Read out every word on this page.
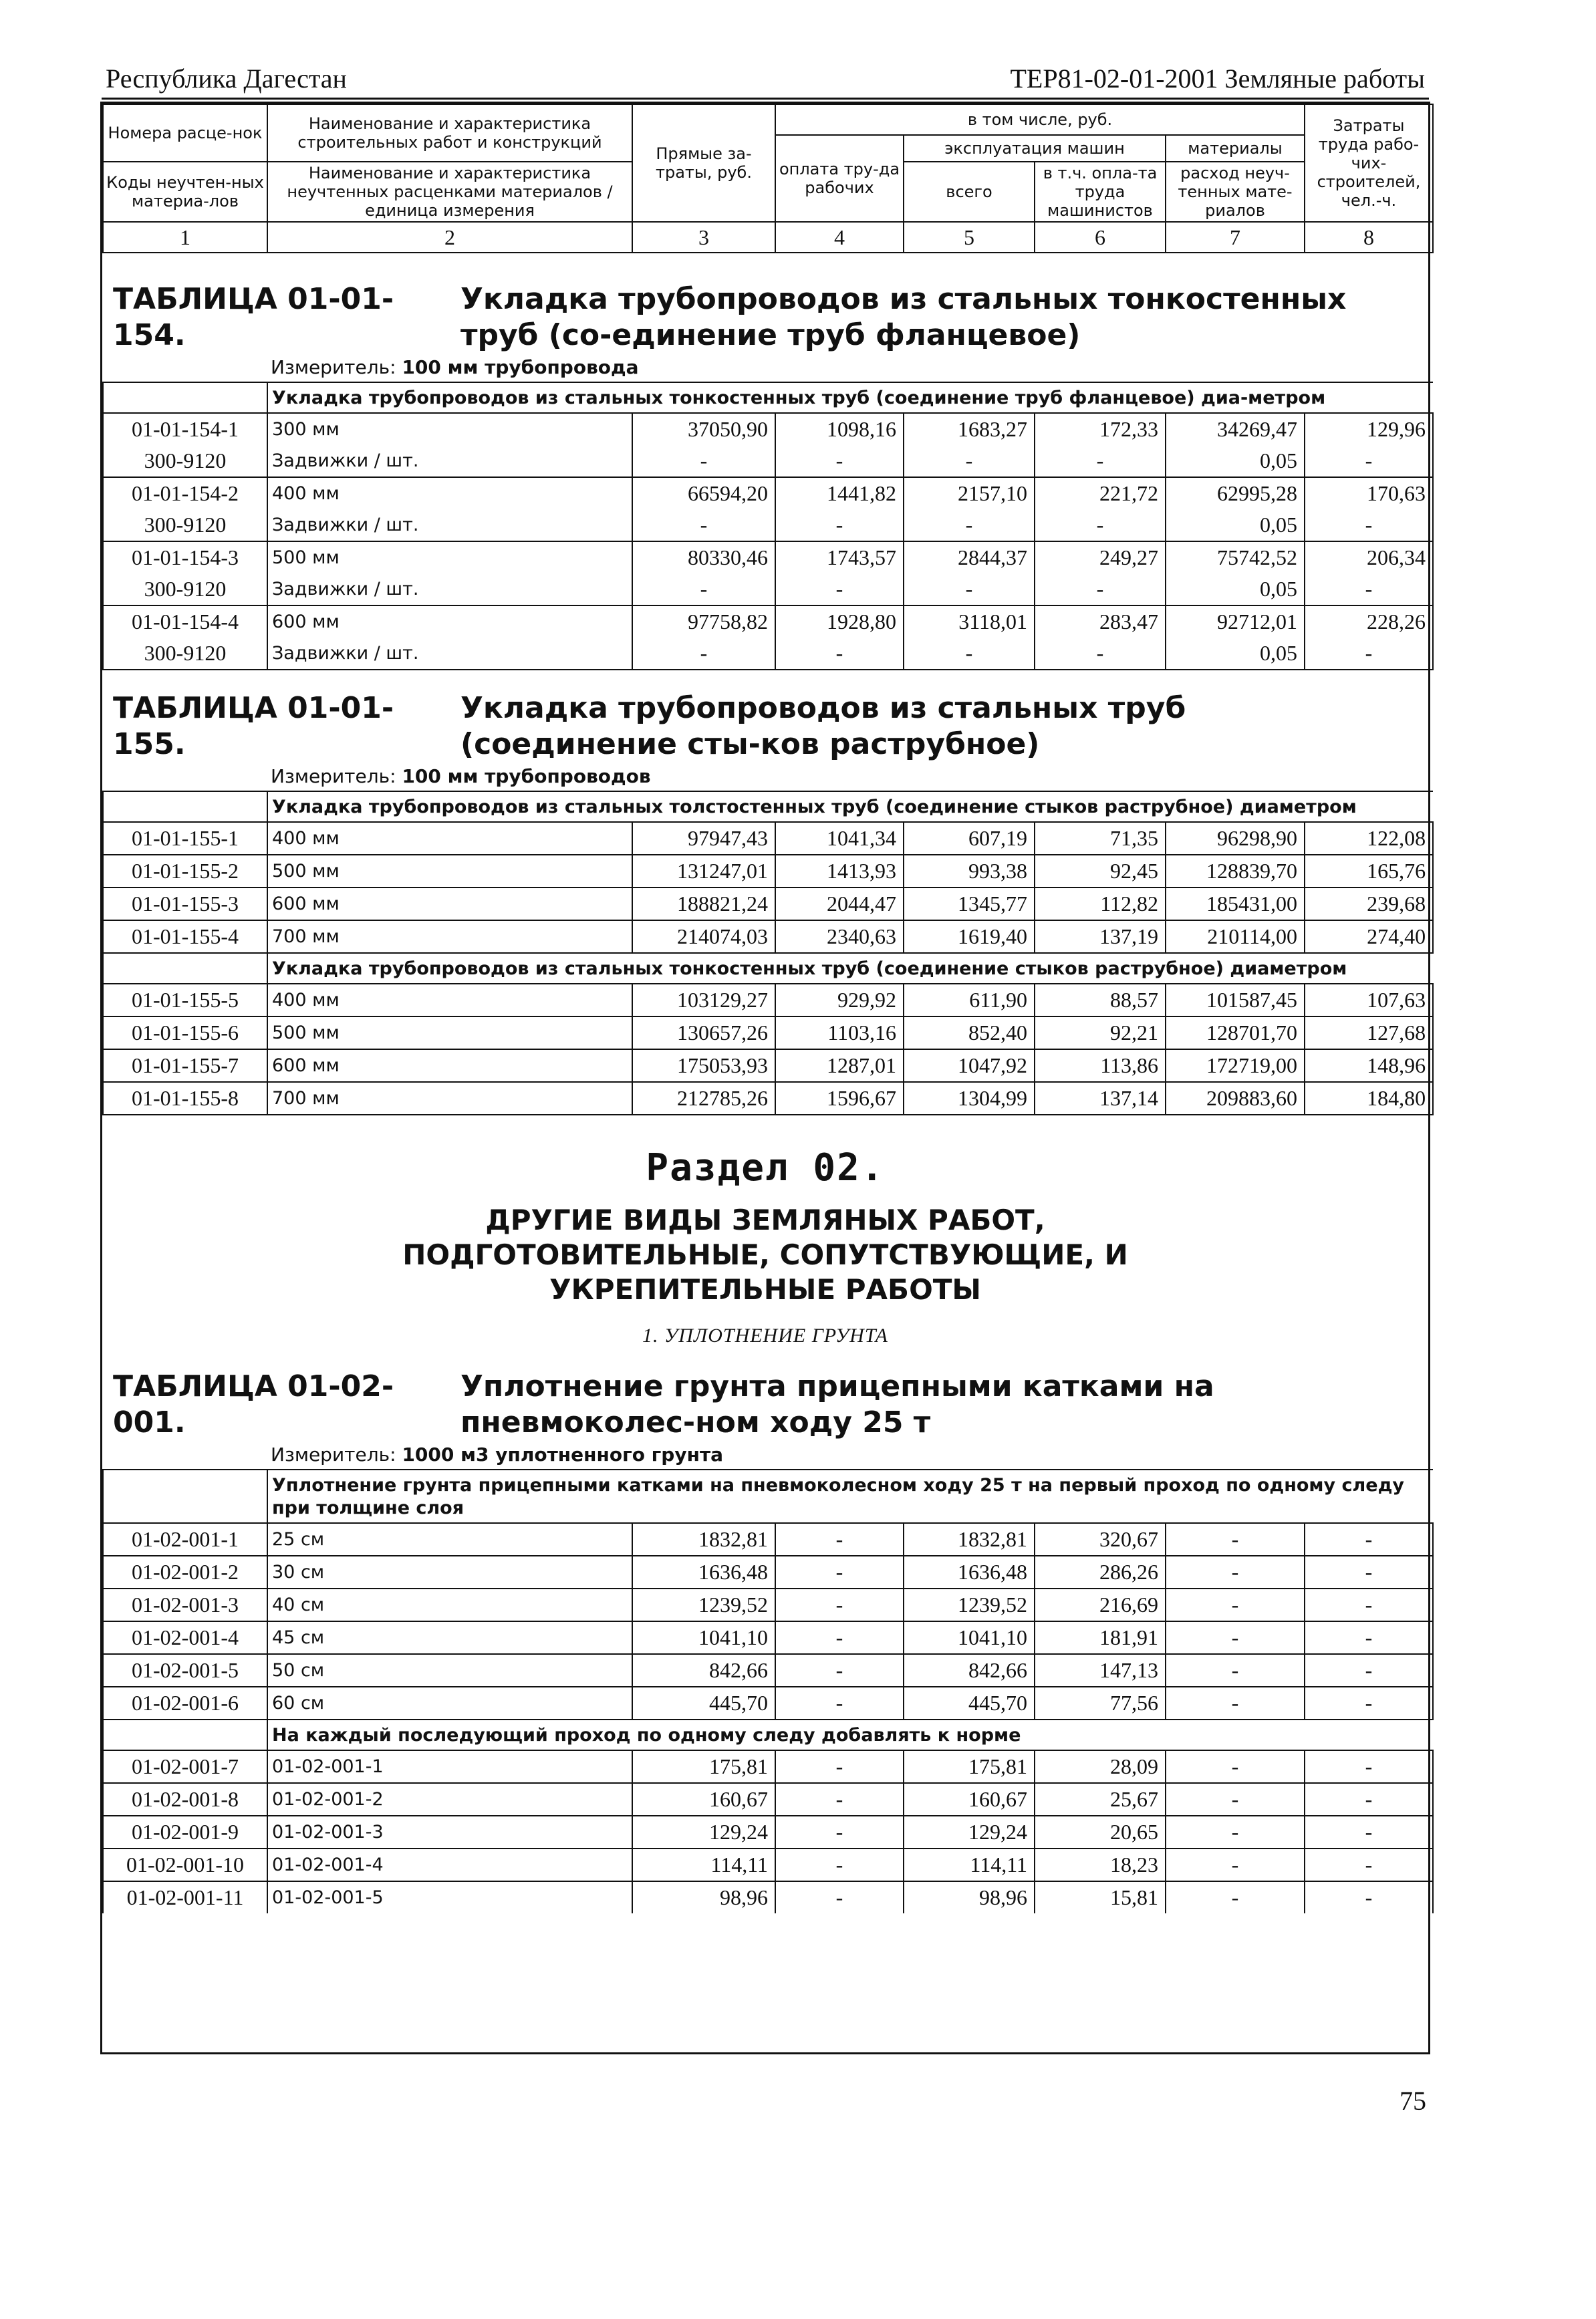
Республика Дагестан	ТЕР81-02-01-2001 Земляные работы
Номера расце-нок	Наименование и характеристика строительных работ и конструкций	Прямые за-траты, руб.	в том числе, руб.				Затраты труда рабо-чих-строителей, чел.-ч.
			оплата тру-да рабочих	эксплуатация машин		материалы	
Коды неучтен-ных материа-лов	Наименование и характеристика неучтенных расценками материалов / единица измерения			всего	в т.ч. опла-та труда машинистов	расход неуч-тенных мате-риалов	

1	2	3	4	5	6	7	8
ТАБЛИЦА 01-01-154.Укладка трубопроводов из стальных тонкостенных труб (со-единение труб фланцевое)
Измеритель: 100 мм трубопровода
	Укладка трубопроводов из стальных тонкостенных труб (соединение труб фланцевое) диа-метром						
01-01-154-1	300 мм	37050,90	1098,16	1683,27	172,33	34269,47	129,96
300-9120	Задвижки / шт.	-	-	-	-	0,05	-
01-01-154-2	400 мм	66594,20	1441,82	2157,10	221,72	62995,28	170,63
300-9120	Задвижки / шт.	-	-	-	-	0,05	-
01-01-154-3	500 мм	80330,46	1743,57	2844,37	249,27	75742,52	206,34
300-9120	Задвижки / шт.	-	-	-	-	0,05	-
01-01-154-4	600 мм	97758,82	1928,80	3118,01	283,47	92712,01	228,26
300-9120	Задвижки / шт.	-	-	-	-	0,05	-
ТАБЛИЦА 01-01-155.Укладка трубопроводов из стальных труб (соединение сты-ков раструбное)
Измеритель: 100 мм трубопроводов
	Укладка трубопроводов из стальных толстостенных труб (соединение стыков раструбное) диаметром						
01-01-155-1	400 мм	97947,43	1041,34	607,19	71,35	96298,90	122,08
01-01-155-2	500 мм	131247,01	1413,93	993,38	92,45	128839,70	165,76
01-01-155-3	600 мм	188821,24	2044,47	1345,77	112,82	185431,00	239,68
01-01-155-4	700 мм	214074,03	2340,63	1619,40	137,19	210114,00	274,40
	Укладка трубопроводов из стальных тонкостенных труб (соединение стыков раструбное) диаметром						
01-01-155-5	400 мм	103129,27	929,92	611,90	88,57	101587,45	107,63
01-01-155-6	500 мм	130657,26	1103,16	852,40	92,21	128701,70	127,68
01-01-155-7	600 мм	175053,93	1287,01	1047,92	113,86	172719,00	148,96
01-01-155-8	700 мм	212785,26	1596,67	1304,99	137,14	209883,60	184,80
Раздел 02.
ДРУГИЕ ВИДЫ ЗЕМЛЯНЫХ РАБОТ, ПОДГОТОВИТЕЛЬНЫЕ, СОПУТСТВУЮЩИЕ, И УКРЕПИТЕЛЬНЫЕ РАБОТЫ
1. УПЛОТНЕНИЕ ГРУНТА
ТАБЛИЦА 01-02-001.Уплотнение грунта прицепными катками на пневмоколес-ном ходу 25 т
Измеритель: 1000 м3 уплотненного грунта
	Уплотнение грунта прицепными катками на пневмоколесном ходу 25 т на первый проход по одному следу при толщине слоя						
01-02-001-1	25 см	1832,81	-	1832,81	320,67	-	-
01-02-001-2	30 см	1636,48	-	1636,48	286,26	-	-
01-02-001-3	40 см	1239,52	-	1239,52	216,69	-	-
01-02-001-4	45 см	1041,10	-	1041,10	181,91	-	-
01-02-001-5	50 см	842,66	-	842,66	147,13	-	-
01-02-001-6	60 см	445,70	-	445,70	77,56	-	-
	На каждый последующий проход по одному следу добавлять к норме						
01-02-001-7	01-02-001-1	175,81	-	175,81	28,09	-	-
01-02-001-8	01-02-001-2	160,67	-	160,67	25,67	-	-
01-02-001-9	01-02-001-3	129,24	-	129,24	20,65	-	-
01-02-001-10	01-02-001-4	114,11	-	114,11	18,23	-	-
01-02-001-11	01-02-001-5	98,96	-	98,96	15,81	-	-
75
